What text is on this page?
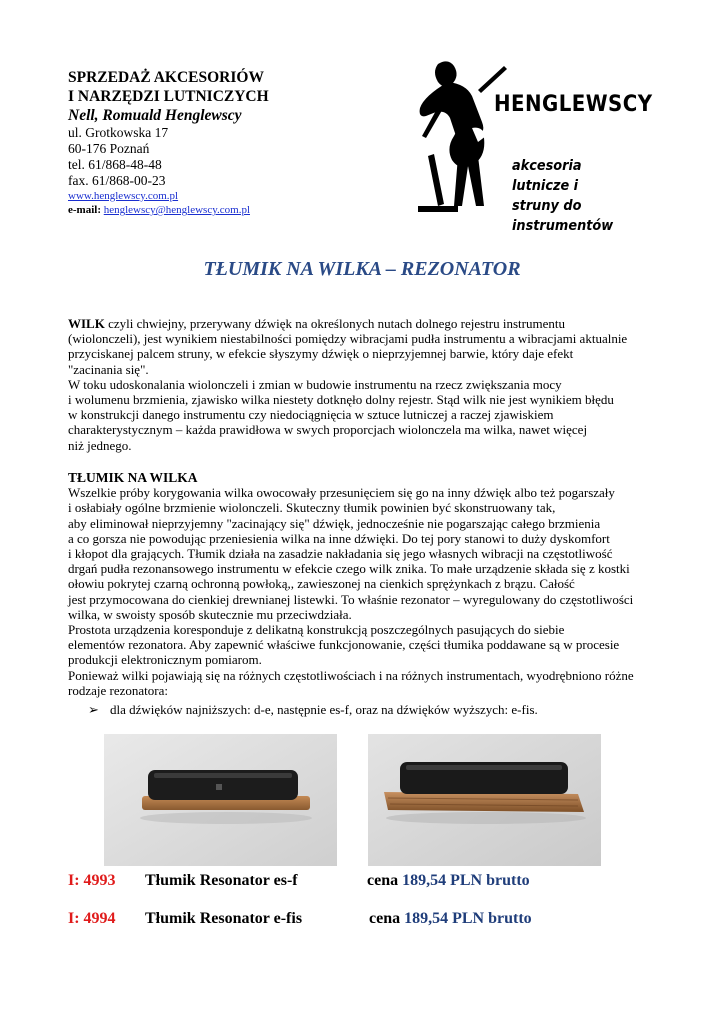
SPRZEDAŻ AKCESORIÓW
I NARZĘDZI LUTNICZYCH
Nell, Romuald Henglewscy
ul. Grotkowska 17
60-176 Poznań
tel. 61/868-48-48
fax. 61/868-00-23
www.henglewscy.com.pl
e-mail: henglewscy@henglewscy.com.pl
HENGLEWSCY
akcesoria lutnicze i
struny do instrumentów
TŁUMIK NA WILKA – REZONATOR

WILK czyli chwiejny, przerywany dźwięk na określonych nutach dolnego rejestru instrumentu

(wiolonczeli), jest wynikiem niestabilności pomiędzy wibracjami pudła instrumentu a wibracjami aktualnie

przyciskanej palcem struny, w efekcie słyszymy dźwięk o nieprzyjemnej barwie, który daje efekt

"zacinania się".

W toku udoskonalania wiolonczeli i zmian w budowie instrumentu na rzecz zwiększania mocy

i wolumenu brzmienia, zjawisko wilka niestety dotknęło dolny rejestr. Stąd wilk nie jest wynikiem błędu

w konstrukcji danego instrumentu czy niedociągnięcia w sztuce lutniczej a raczej zjawiskiem

charakterystycznym – każda prawidłowa w swych proporcjach wiolonczela ma wilka, nawet więcej

niż jednego.

TŁUMIK NA WILKA

Wszelkie próby korygowania wilka owocowały przesunięciem się go na inny dźwięk albo też pogarszały

i osłabiały ogólne brzmienie wiolonczeli. Skuteczny tłumik powinien być skonstruowany tak,

aby eliminował nieprzyjemny "zacinający się" dźwięk, jednocześnie nie pogarszając całego brzmienia

a co gorsza nie powodując przeniesienia wilka na inne dźwięki. Do tej pory stanowi to duży dyskomfort

i kłopot dla grających. Tłumik działa na zasadzie nakładania się jego własnych wibracji na częstotliwość

drgań pudła rezonansowego instrumentu w efekcie czego wilk znika. To małe urządzenie składa się z kostki

ołowiu pokrytej czarną ochronną powłoką,, zawieszonej na cienkich sprężynkach z brązu. Całość

jest przymocowana do cienkiej drewnianej listewki. To właśnie rezonator – wyregulowany do częstotliwości

wilka, w swoisty sposób skutecznie mu przeciwdziała.

Prostota urządzenia koresponduje z delikatną konstrukcją poszczególnych pasujących do siebie

elementów rezonatora. Aby zapewnić właściwe funkcjonowanie, części tłumika poddawane są w procesie

produkcji elektronicznym pomiarom.

Ponieważ wilki pojawiają się na różnych częstotliwościach i na różnych instrumentach, wyodrębniono różne

rodzaje rezonatora:

➢ dla dźwięków najniższych: d-e, następnie es-f, oraz na dźwięków wyższych: e-fis.
I: 4993 Tłumik Resonator es-f	cena 189,54 PLN brutto
I: 4994 Tłumik Resonator e-fis	cena 189,54 PLN brutto
